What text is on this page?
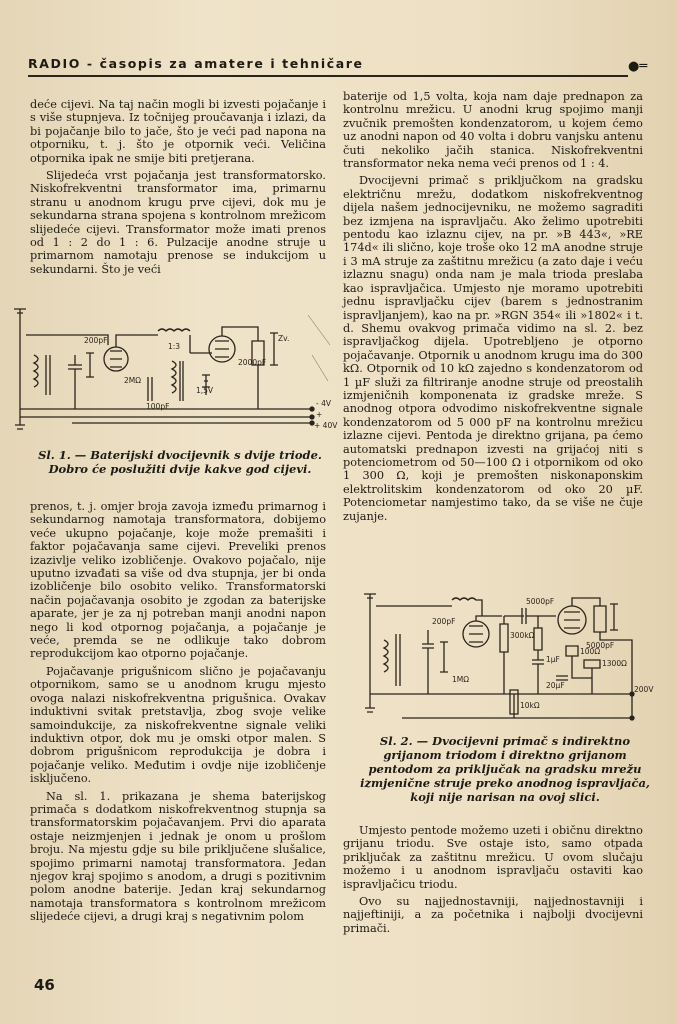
RADIO - časopis za amatere i tehničare	●═

deće cijevi. Na taj način mogli bi izvesti pojačanje i s više stupnjeva. Iz točnijeg proučavanja i izlazi, da bi pojačanje bilo to jače, što je veći pad napona na otporniku, t. j. što je otpornik veći. Veličina otpornika ipak ne smije biti pretjerana.

Slijedeća vrst pojačanja jest transformatorsko. Niskofrekventni transformator ima, primarnu stranu u anodnom krugu prve cijevi, dok mu je sekundarna strana spojena s kontrolnom mrežicom slijedeće cijevi. Transformator može imati prenos od 1 : 2 do 1 : 6. Pulzacije anodne struje u primarnom namotaju prenose se indukcijom u sekundarni. Što je veći

200pF
2MΩ
100pF
1:3
2000pF
Zv.
1,5V
- 4V
+
+ 40V
Sl. 1. — Baterijski dvocijevnik s dvije triode. Dobro će poslužiti dvije kakve god cijevi.

prenos, t. j. omjer broja zavoja između primarnog i sekundarnog namotaja transformatora, dobijemo veće ukupno pojačanje, koje može premašiti i faktor pojačavanja same cijevi. Preveliki prenos izazivlje veliko izobličenje. Ovakovo pojačalo, nije uputno izvađati sa više od dva stupnja, jer bi onda izobličenje bilo osobito veliko. Transformatorski način pojačavanja osobito je zgodan za baterijske aparate, jer je za nj potreban manji anodni napon nego li kod otpornog pojačanja, a pojačanje je veće, premda se ne odlikuje tako dobrom reprodukcijom kao otporno pojačanje.

Pojačavanje prigušnicom slično je pojačavanju otpornikom, samo se u anodnom krugu mjesto ovoga nalazi niskofrekventna prigušnica. Ovakav induktivni svitak pretstavlja, zbog svoje velike samoindukcije, za niskofrekventne signale veliki induktivn otpor, dok mu je omski otpor malen. S dobrom prigušnicom reprodukcija je dobra i pojačanje veliko. Međutim i ovdje nije izobličenje isključeno.

Na sl. 1. prikazana je shema baterijskog primača s dodatkom niskofrekventnog stupnja sa transformatorskim pojačavanjem. Prvi dio aparata ostaje neizmjenjen i jednak je onom u prošlom broju. Na mjestu gdje su bile priključene slušalice, spojimo primarni namotaj transformatora. Jedan njegov kraj spojimo s anodom, a drugi s pozitivnim polom anodne baterije. Jedan kraj sekundarnog namotaja transformatora s kontrolnom mrežicom slijedeće cijevi, a drugi kraj s negativnim polom

baterije od 1,5 volta, koja nam daje prednapon za kontrolnu mrežicu. U anodni krug spojimo manji zvučnik premošten kondenzatorom, u kojem ćemo uz anodni napon od 40 volta i dobru vanjsku antenu čuti nekoliko jačih stanica. Niskofrekventni transformator neka nema veći prenos od 1 : 4.

Dvocijevni primač s priključkom na gradsku električnu mrežu, dodatkom niskofrekventnog dijela našem jednocijevniku, ne možemo sagraditi bez izmjena na ispravljaču. Ako želimo upotrebiti pentodu kao izlaznu cijev, na pr. »B 443«, »RE 174d« ili slično, koje troše oko 12 mA anodne struje i 3 mA struje za zaštitnu mrežicu (a zato daje i veću izlaznu snagu) onda nam je mala trioda preslaba kao ispravljačica. Umjesto nje moramo upotrebiti jednu ispravljačku cijev (barem s jednostranim ispravljanjem), kao na pr. »RGN 354« ili »1802« i t. d. Shemu ovakvog primača vidimo na sl. 2. bez ispravljačkog dijela. Upotrebljeno je otporno pojačavanje. Otpornik u anodnom krugu ima do 300 kΩ. Otpornik od 10 kΩ zajedno s kondenzatorom od 1 µF služi za filtriranje anodne struje od preostalih izmjeničnih komponenata iz gradske mreže. S anodnog otpora odvodimo niskofrekventne signale kondenzatorom od 5 000 pF na kontrolnu mrežicu izlazne cijevi. Pentoda je direktno grijana, pa ćemo automatski prednapon izvesti na grijaćoj niti s potenciometrom od 50—100 Ω i otpornikom od oko 1 300 Ω, koji je premošten niskonaponskim elektrolitskim kondenzatorom od oko 20 µF. Potenciometar namjestimo tako, da se više ne čuje zujanje.

200pF
5000pF
1MΩ
300kΩ
1µF
10kΩ
5000pF
100Ω
1300Ω
20µF	200V
Sl. 2. — Dvocijevni primač s indirektno grijanom triodom i direktno grijanom pentodom za priključak na gradsku mrežu izmjenične struje preko anodnog ispravljača, koji nije narisan na ovoj slici.

Umjesto pentode možemo uzeti i običnu direktno grijanu triodu. Sve ostaje isto, samo otpada priključak za zaštitnu mrežicu. U ovom slučaju možemo i u anodnom ispravljaču ostaviti kao ispravljačicu triodu.

Ovo su najjednostavniji, najjednostavniji i najjeftiniji, a za početnika i najbolji dvocijevni primači.

46
